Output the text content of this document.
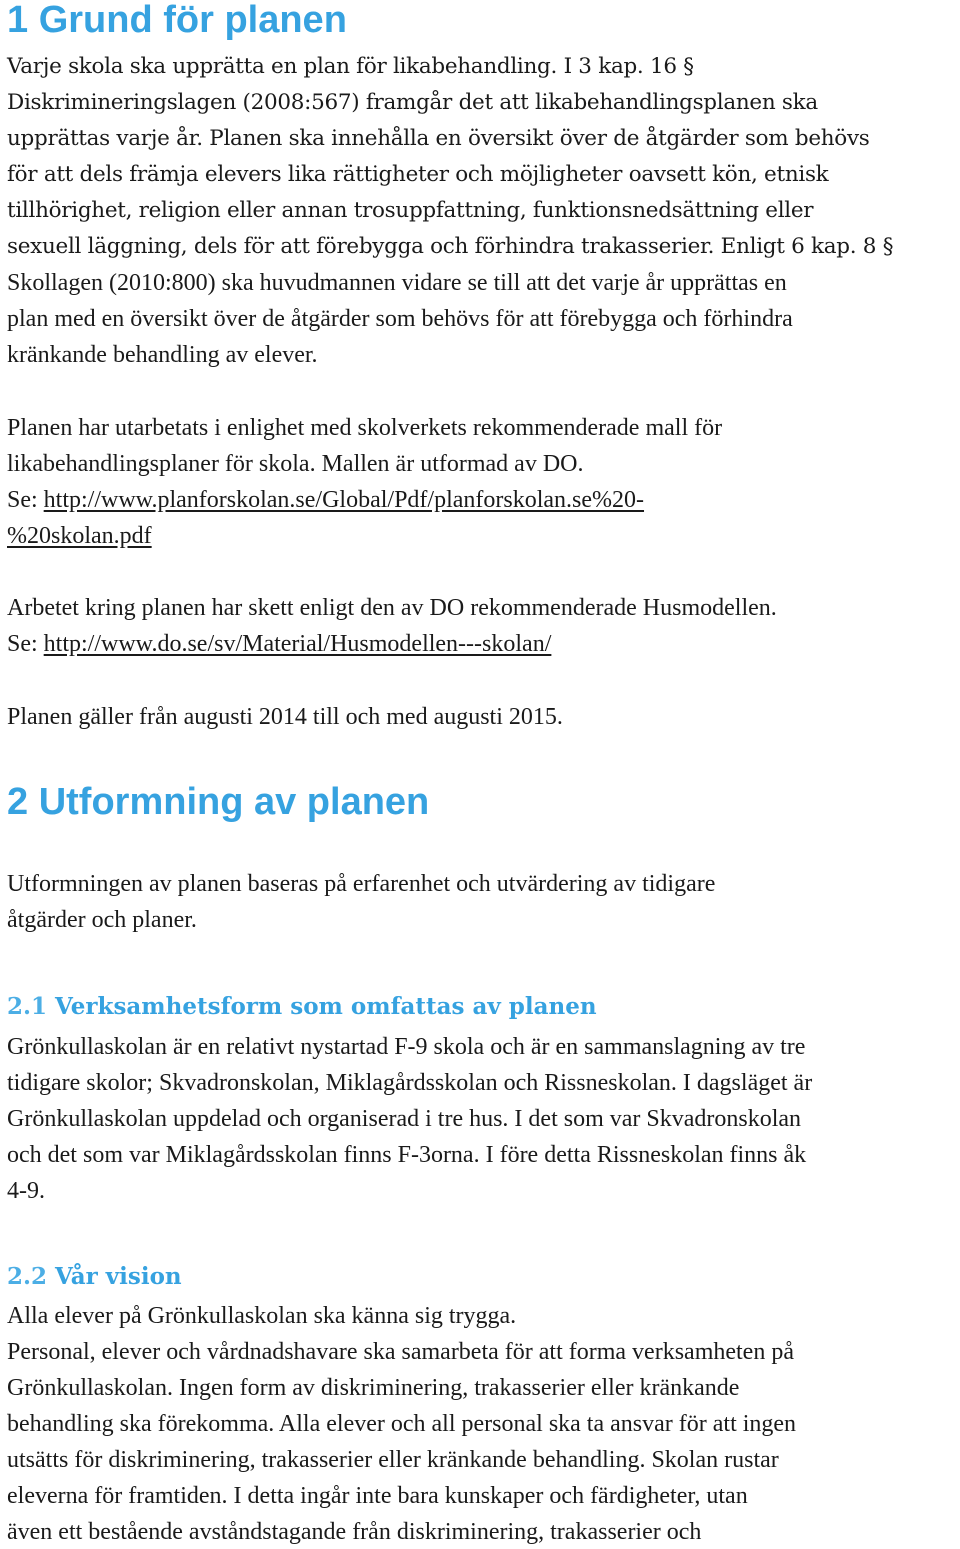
1 Grund för planen

Varje skola ska upprätta en plan för likabehandling. I 3 kap. 16 §

Diskrimineringslagen (2008:567) framgår det att likabehandlingsplanen ska

upprättas varje år. Planen ska innehålla en översikt över de åtgärder som behövs

för att dels främja elevers lika rättigheter och möjligheter oavsett kön, etnisk

tillhörighet, religion eller annan trosuppfattning, funktionsnedsättning eller

sexuell läggning, dels för att förebygga och förhindra trakasserier. Enligt 6 kap. 8 §

Skollagen (2010:800) ska huvudmannen vidare se till att det varje år upprättas en

plan med en översikt över de åtgärder som behövs för att förebygga och förhindra

kränkande behandling av elever.

Planen har utarbetats i enlighet med skolverkets rekommenderade mall för

likabehandlingsplaner för skola. Mallen är utformad av DO.

Se: http://www.planforskolan.se/Global/Pdf/planforskolan.se%20-

%20skolan.pdf

Arbetet kring planen har skett enligt den av DO rekommenderade Husmodellen.

Se: http://www.do.se/sv/Material/Husmodellen---skolan/

Planen gäller från augusti 2014 till och med augusti 2015.

2 Utformning av planen

Utformningen av planen baseras på erfarenhet och utvärdering av tidigare

åtgärder och planer.

2.1 Verksamhetsform som omfattas av planen

Grönkullaskolan är en relativt nystartad F-9 skola och är en sammanslagning av tre

tidigare skolor; Skvadronskolan, Miklagårdsskolan och Rissneskolan. I dagsläget är

Grönkullaskolan uppdelad och organiserad i tre hus. I det som var Skvadronskolan

och det som var Miklagårdsskolan finns F-3orna. I före detta Rissneskolan finns åk

4-9.

2.2 Vår vision

Alla elever på Grönkullaskolan ska känna sig trygga.

Personal, elever och vårdnadshavare ska samarbeta för att forma verksamheten på

Grönkullaskolan. Ingen form av diskriminering, trakasserier eller kränkande

behandling ska förekomma. Alla elever och all personal ska ta ansvar för att ingen

utsätts för diskriminering, trakasserier eller kränkande behandling. Skolan rustar

eleverna för framtiden. I detta ingår inte bara kunskaper och färdigheter, utan

även ett bestående avståndstagande från diskriminering, trakasserier och
